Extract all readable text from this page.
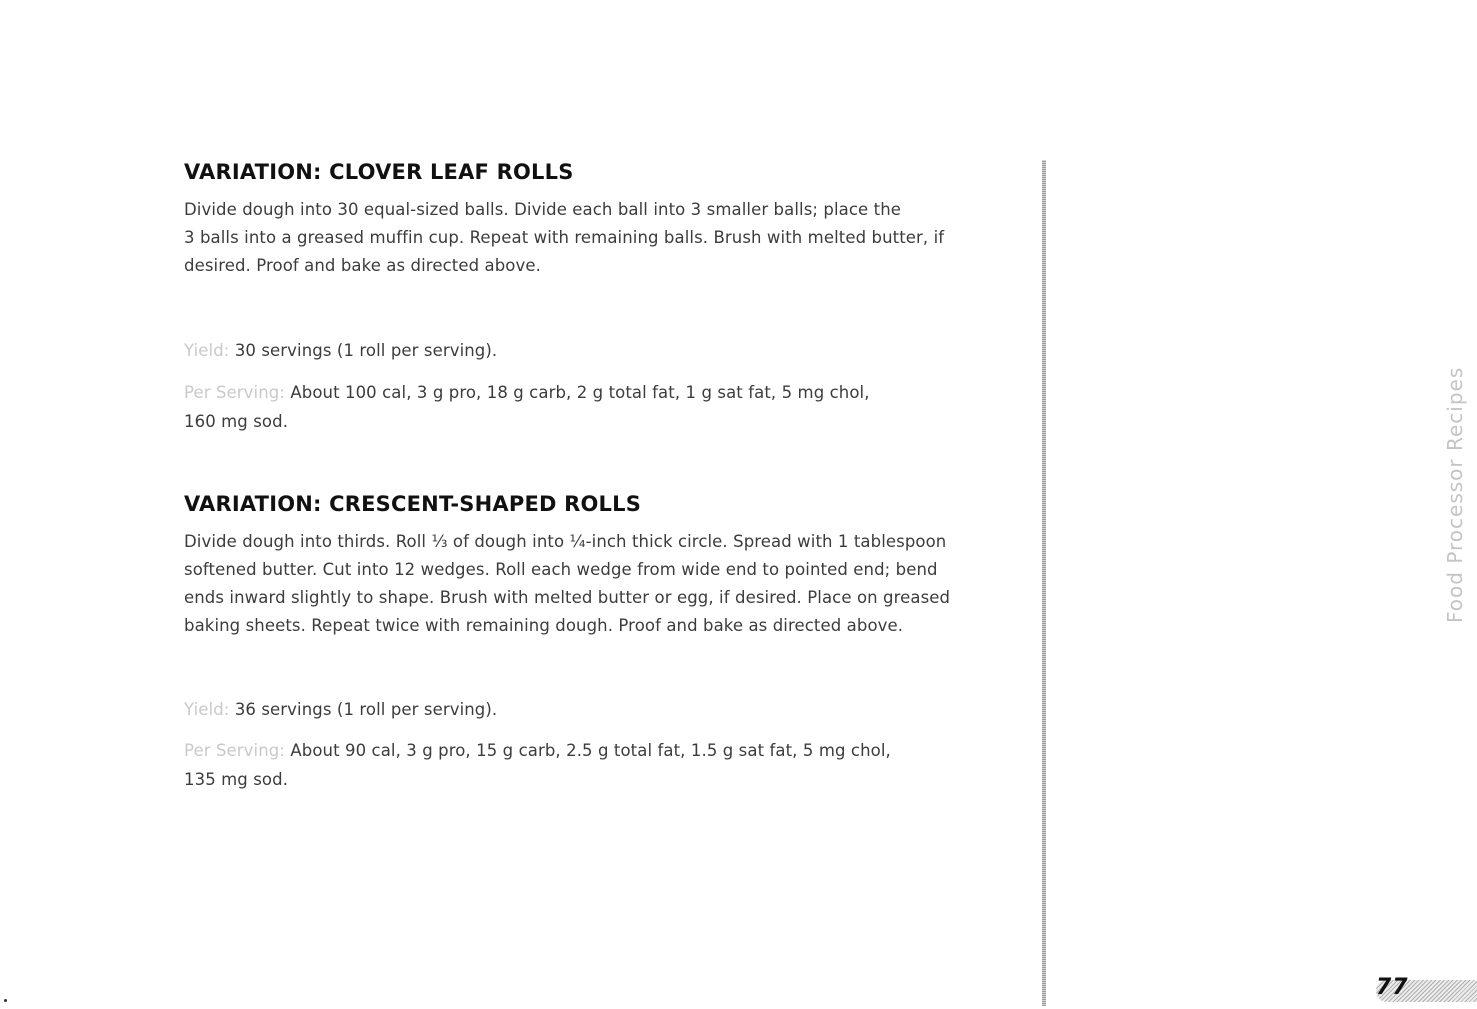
VARIATION: CLOVER LEAF ROLLS

Divide dough into 30 equal-sized balls. Divide each ball into 3 smaller balls; place the

3 balls into a greased muffin cup. Repeat with remaining balls. Brush with melted butter, if

desired. Proof and bake as directed above.

Yield: 30 servings (1 roll per serving).

Per Serving: About 100 cal, 3 g pro, 18 g carb, 2 g total fat, 1 g sat fat, 5 mg chol,

160 mg sod.

VARIATION: CRESCENT-SHAPED ROLLS

Divide dough into thirds. Roll ⅓ of dough into ¼-inch thick circle. Spread with 1 tablespoon

softened butter. Cut into 12 wedges. Roll each wedge from wide end to pointed end; bend

ends inward slightly to shape. Brush with melted butter or egg, if desired. Place on greased

baking sheets. Repeat twice with remaining dough. Proof and bake as directed above.

Yield: 36 servings (1 roll per serving).

Per Serving: About 90 cal, 3 g pro, 15 g carb, 2.5 g total fat, 1.5 g sat fat, 5 mg chol,

135 mg sod.

Food Processor Recipes
77
